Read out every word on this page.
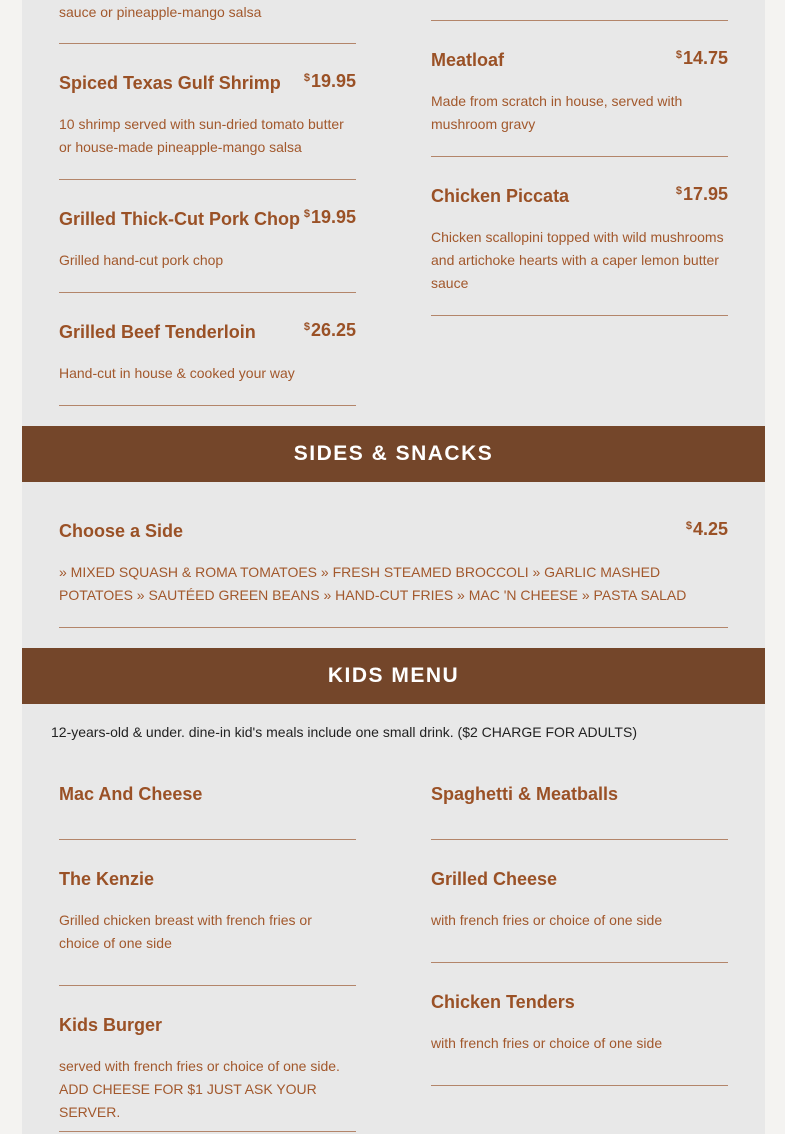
sauce or pineapple-mango salsa
Spiced Texas Gulf Shrimp $19.95
10 shrimp served with sun-dried tomato butter or house-made pineapple-mango salsa
Grilled Thick-Cut Pork Chop $19.95
Grilled hand-cut pork chop
Grilled Beef Tenderloin	$26.25
Hand-cut in house & cooked your way
Meatloaf	$14.75
Made from scratch in house, served with mushroom gravy
Chicken Piccata	$17.95
Chicken scallopini topped with wild mushrooms and artichoke hearts with a caper lemon butter sauce
SIDES & SNACKS
Choose a Side	$4.25
» MIXED SQUASH & ROMA TOMATOES » FRESH STEAMED BROCCOLI » GARLIC MASHED POTATOES » SAUTÉED GREEN BEANS » HAND-CUT FRIES » MAC 'N CHEESE » PASTA SALAD
KIDS MENU
12-years-old & under. dine-in kid's meals include one small drink. ($2 CHARGE FOR ADULTS)
Mac And Cheese
The Kenzie
Grilled chicken breast with french fries or choice of one side
Kids Burger
served with french fries or choice of one side. ADD CHEESE FOR $1 JUST ASK YOUR SERVER.
Spaghetti & Meatballs
Grilled Cheese
with french fries or choice of one side
Chicken Tenders
with french fries or choice of one side
